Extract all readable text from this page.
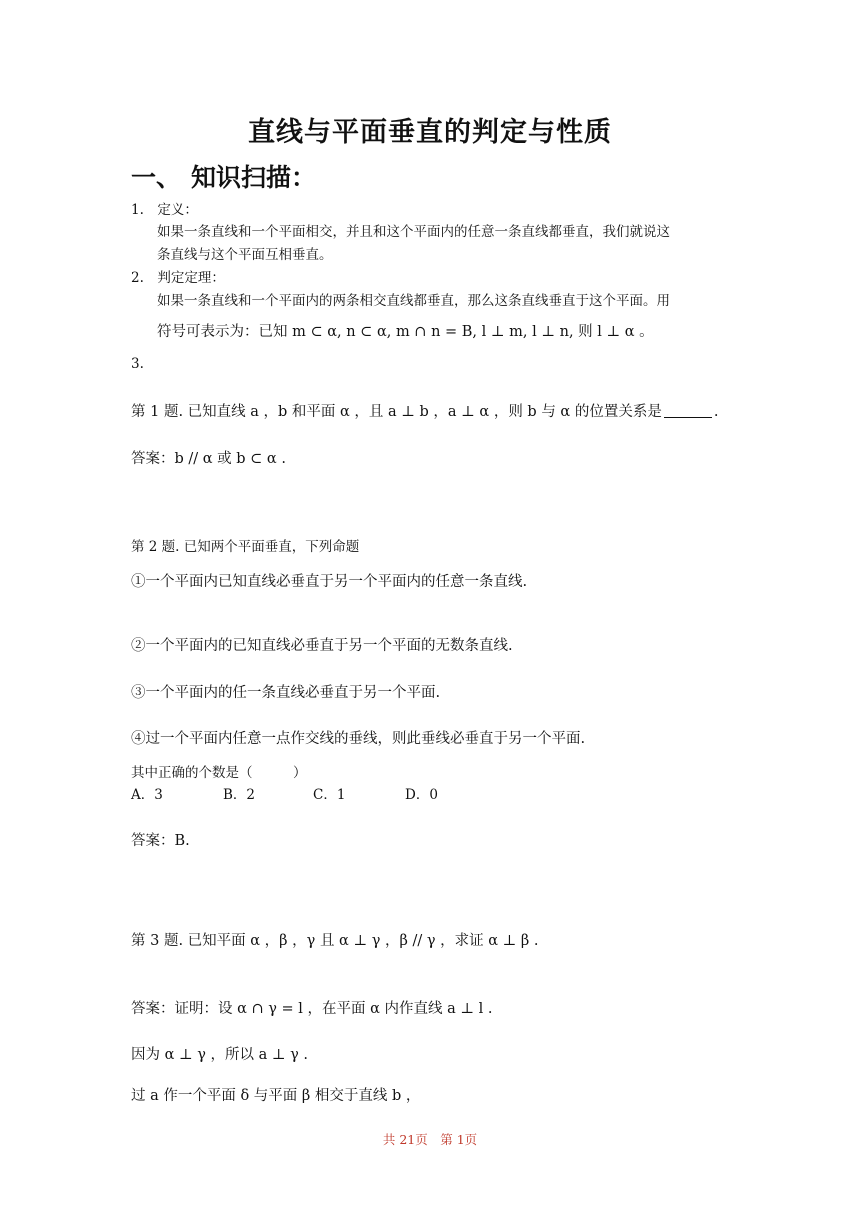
直线与平面垂直的判定与性质
一、 知识扫描：
1.　定义：
如果一条直线和一个平面相交，并且和这个平面内的任意一条直线都垂直，我们就说这
条直线与这个平面互相垂直。
2.　判定定理：
如果一条直线和一个平面内的两条相交直线都垂直，那么这条直线垂直于这个平面。用
符号可表示为：已知 m ⊂ α, n ⊂ α, m ∩ n = B, l ⊥ m, l ⊥ n, 则 l ⊥ α 。
3.
第 1 题. 已知直线 a ，b 和平面 α ，且 a ⊥ b ，a ⊥ α ，则 b 与 α 的位置关系是	.
答案：b // α 或 b ⊂ α .
第 2 题. 已知两个平面垂直，下列命题
①一个平面内已知直线必垂直于另一个平面内的任意一条直线.
②一个平面内的已知直线必垂直于另一个平面的无数条直线.
③一个平面内的任一条直线必垂直于另一个平面.
④过一个平面内任意一点作交线的垂线，则此垂线必垂直于另一个平面.
其中正确的个数是（　　　）
A．3	B．2	C．1	D．0
答案：B.
第 3 题. 已知平面 α ，β ，γ 且 α ⊥ γ ，β // γ ，求证 α ⊥ β .
答案：证明：设 α ∩ γ = l ，在平面 α 内作直线 a ⊥ l .
因为 α ⊥ γ ，所以 a ⊥ γ .
过 a 作一个平面 δ 与平面 β 相交于直线 b ，
共 21页　第 1页
